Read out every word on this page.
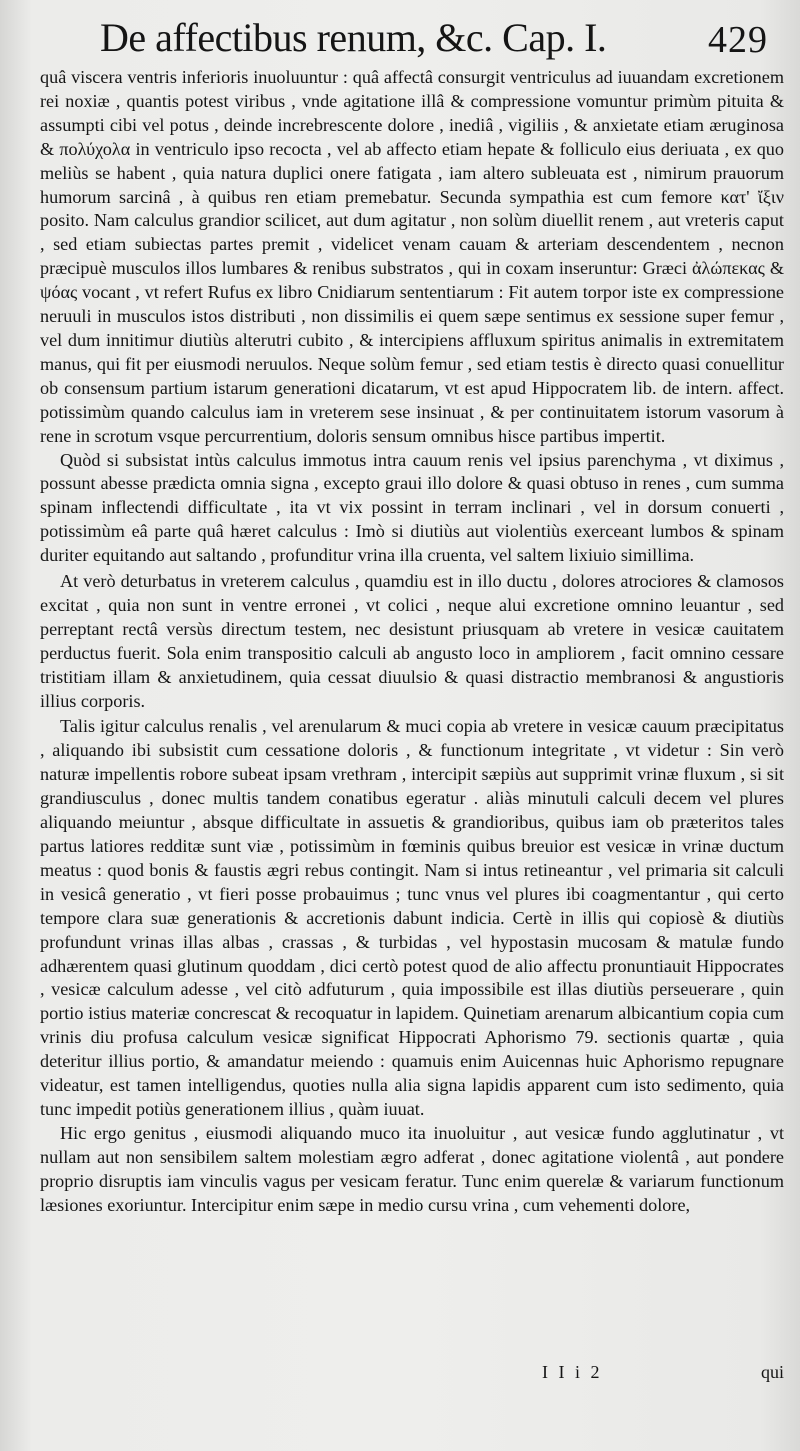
De affectibus renum, &c. Cap. I.	429

quâ viscera ventris inferioris inuoluuntur : quâ affectâ consurgit ventriculus ad iuuandam excretionem rei noxiæ , quantis potest viribus , vnde agitatione illâ & compressione vomuntur primùm pituita & assumpti cibi vel potus , deinde increbrescente dolore , inediâ , vigiliis , & anxietate etiam æruginosa & πολύχολα in ventriculo ipso recocta , vel ab affecto etiam hepate & folliculo eius deriuata , ex quo meliùs se habent , quia natura duplici onere fatigata , iam altero subleuata est , nimirum prauorum humorum sarcinâ , à quibus ren etiam premebatur. Secunda sympathia est cum femore κατ' ἴξιν posito. Nam calculus grandior scilicet, aut dum agitatur , non solùm diuellit renem , aut vreteris caput , sed etiam subiectas partes premit , videlicet venam cauam & arteriam descendentem , necnon præcipuè musculos illos lumbares & renibus substratos , qui in coxam inseruntur: Græci ἀλώπεκας & ψόας vocant , vt refert Rufus ex libro Cnidiarum sententiarum : Fit autem torpor iste ex compressione neruuli in musculos istos distributi , non dissimilis ei quem sæpe sentimus ex sessione super femur , vel dum innitimur diutiùs alterutri cubito , & intercipiens affluxum spiritus animalis in extremitatem manus, qui fit per eiusmodi neruulos. Neque solùm femur , sed etiam testis è directo quasi conuellitur ob consensum partium istarum generationi dicatarum, vt est apud Hippocratem lib. de intern. affect. potissimùm quando calculus iam in vreterem sese insinuat , & per continuitatem istorum vasorum à rene in scrotum vsque percurrentium, doloris sensum omnibus hisce partibus impertit.

Quòd si subsistat intùs calculus immotus intra cauum renis vel ipsius parenchyma , vt diximus , possunt abesse prædicta omnia signa , excepto graui illo dolore & quasi obtuso in renes , cum summa spinam inflectendi difficultate , ita vt vix possint in terram inclinari , vel in dorsum conuerti , potissimùm eâ parte quâ hæret calculus : Imò si diutiùs aut violentiùs exerceant lumbos & spinam duriter equitando aut saltando , profunditur vrina illa cruenta, vel saltem lixiuio simillima.

At verò deturbatus in vreterem calculus , quamdiu est in illo ductu , dolores atrociores & clamosos excitat , quia non sunt in ventre erronei , vt colici , neque alui excretione omnino leuantur , sed perreptant rectâ versùs directum testem, nec desistunt priusquam ab vretere in vesicæ cauitatem perductus fuerit. Sola enim transpositio calculi ab angusto loco in ampliorem , facit omnino cessare tristitiam illam & anxietudinem, quia cessat diuulsio & quasi distractio membranosi & angustioris illius corporis.

Talis igitur calculus renalis , vel arenularum & muci copia ab vretere in vesicæ cauum præcipitatus , aliquando ibi subsistit cum cessatione doloris , & functionum integritate , vt videtur : Sin verò naturæ impellentis robore subeat ipsam vrethram , intercipit sæpiùs aut supprimit vrinæ fluxum , si sit grandiusculus , donec multis tandem conatibus egeratur . aliàs minutuli calculi decem vel plures aliquando meiuntur , absque difficultate in assuetis & grandioribus, quibus iam ob præteritos tales partus latiores redditæ sunt viæ , potissimùm in fœminis quibus breuior est vesicæ in vrinæ ductum meatus : quod bonis & faustis ægri rebus contingit. Nam si intus retineantur , vel primaria sit calculi in vesicâ generatio , vt fieri posse probauimus ; tunc vnus vel plures ibi coagmentantur , qui certo tempore clara suæ generationis & accretionis dabunt indicia. Certè in illis qui copiosè & diutiùs profundunt vrinas illas albas , crassas , & turbidas , vel hypostasin mucosam & matulæ fundo adhærentem quasi glutinum quoddam , dici certò potest quod de alio affectu pronuntiauit Hippocrates , vesicæ calculum adesse , vel citò adfuturum , quia impossibile est illas diutiùs perseuerare , quin portio istius materiæ concrescat & recoquatur in lapidem. Quinetiam arenarum albicantium copia cum vrinis diu profusa calculum vesicæ significat Hippocrati Aphorismo 79. sectionis quartæ , quia deteritur illius portio, & amandatur meiendo : quamuis enim Auicennas huic Aphorismo repugnare videatur, est tamen intelligendus, quoties nulla alia signa lapidis apparent cum isto sedimento, quia tunc impedit potiùs generationem illius , quàm iuuat.

Hic ergo genitus , eiusmodi aliquando muco ita inuoluitur , aut vesicæ fundo agglutinatur , vt nullam aut non sensibilem saltem molestiam ægro adferat , donec agitatione violentâ , aut pondere proprio disruptis iam vinculis vagus per vesicam feratur. Tunc enim querelæ & variarum functionum læsiones exoriuntur. Intercipitur enim sæpe in medio cursu vrina , cum vehementi dolore,

I I i 2	qui
